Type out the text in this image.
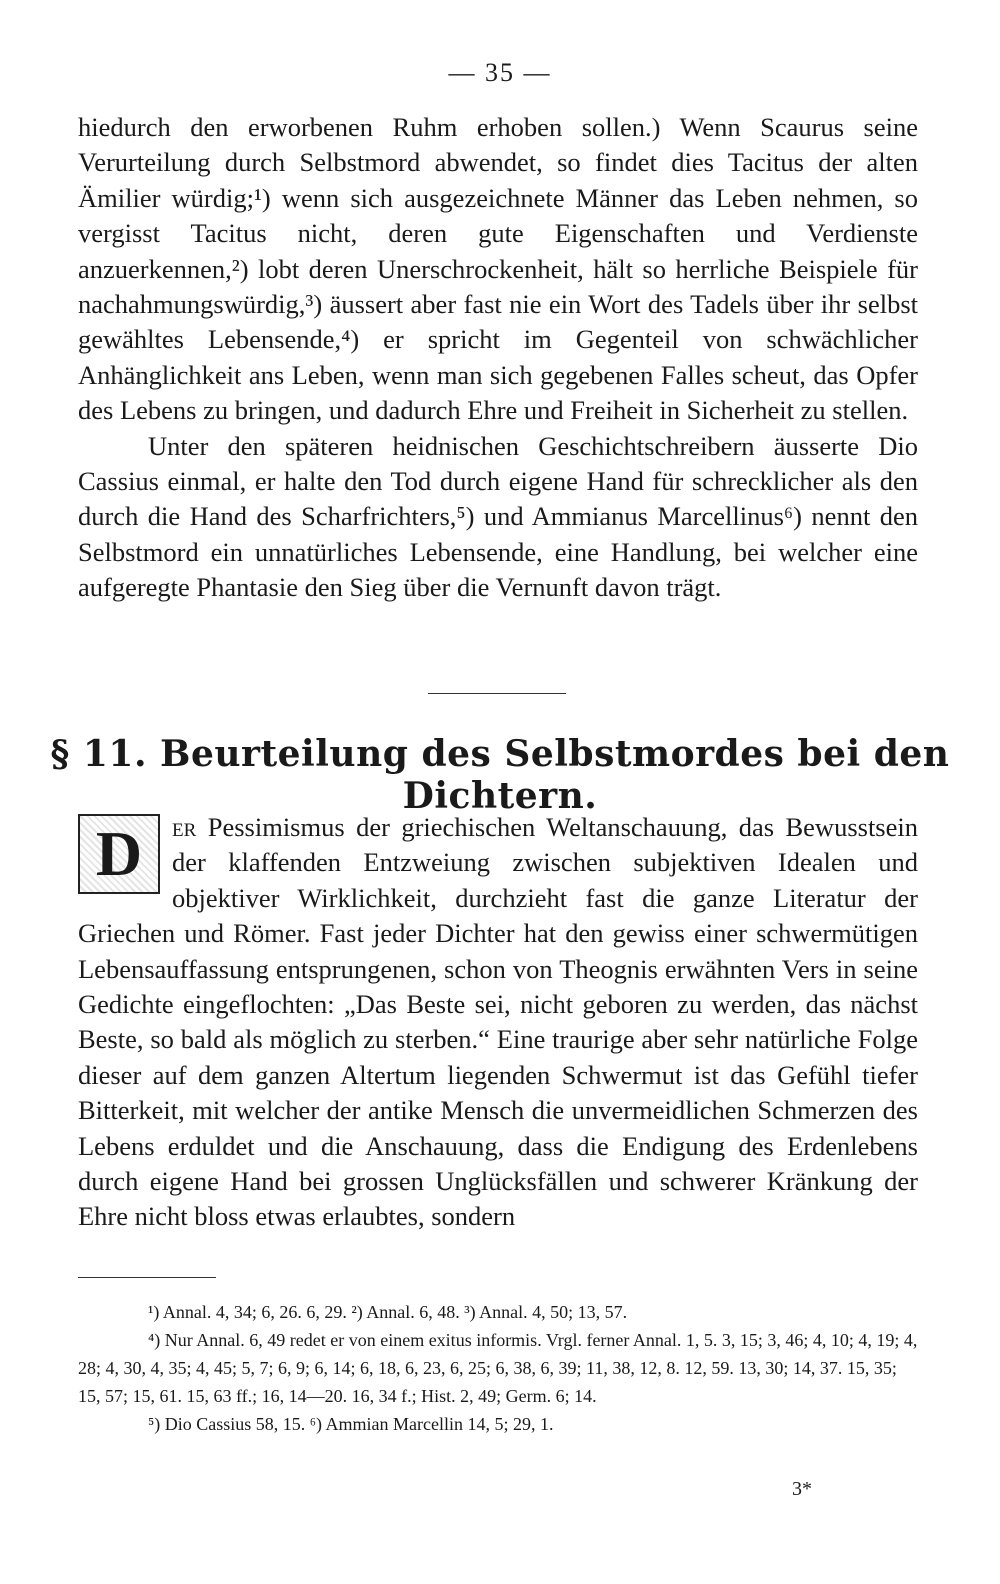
— 35 —

hiedurch den erworbenen Ruhm erhoben sollen.) Wenn Scaurus seine Verurteilung durch Selbstmord abwendet, so findet dies Tacitus der alten Ämilier würdig;¹) wenn sich ausgezeichnete Männer das Leben nehmen, so vergisst Tacitus nicht, deren gute Eigenschaften und Verdienste anzuerkennen,²) lobt deren Unerschrockenheit, hält so herrliche Beispiele für nachahmungswürdig,³) äussert aber fast nie ein Wort des Tadels über ihr selbst gewähltes Lebensende,⁴) er spricht im Gegenteil von schwächlicher Anhänglichkeit ans Leben, wenn man sich gegebenen Falles scheut, das Opfer des Lebens zu bringen, und dadurch Ehre und Freiheit in Sicherheit zu stellen.

Unter den späteren heidnischen Geschichtschreibern äusserte Dio Cassius einmal, er halte den Tod durch eigene Hand für schrecklicher als den durch die Hand des Scharfrichters,⁵) und Ammianus Marcellinus⁶) nennt den Selbstmord ein unnatürliches Lebensende, eine Handlung, bei welcher eine aufgeregte Phantasie den Sieg über die Vernunft davon trägt.

§ 11. Beurteilung des Selbstmordes bei den Dichtern.
D	er Pessimismus der griechischen Weltanschauung, das Bewusstsein der klaffenden Entzweiung zwischen subjektiven Idealen und objektiver Wirklichkeit, durchzieht fast die ganze Literatur der Griechen und Römer. Fast jeder Dichter hat den gewiss einer schwermütigen Lebensauffassung entsprungenen, schon von Theognis erwähnten Vers in seine Gedichte eingeflochten: „Das Beste sei, nicht geboren zu werden, das nächst Beste, so bald als möglich zu sterben.“ Eine traurige aber sehr natürliche Folge dieser auf dem ganzen Altertum liegenden Schwermut ist das Gefühl tiefer Bitterkeit, mit welcher der antike Mensch die unvermeidlichen Schmerzen des Lebens erduldet und die Anschauung, dass die Endigung des Erdenlebens durch eigene Hand bei grossen Unglücksfällen und schwerer Kränkung der Ehre nicht bloss etwas erlaubtes, sondern

¹) Annal. 4, 34; 6, 26. 6, 29. ²) Annal. 6, 48. ³) Annal. 4, 50; 13, 57.

⁴) Nur Annal. 6, 49 redet er von einem exitus informis. Vrgl. ferner Annal. 1, 5. 3, 15; 3, 46; 4, 10; 4, 19; 4, 28; 4, 30, 4, 35; 4, 45; 5, 7; 6, 9; 6, 14; 6, 18, 6, 23, 6, 25; 6, 38, 6, 39; 11, 38, 12, 8. 12, 59. 13, 30; 14, 37. 15, 35; 15, 57; 15, 61. 15, 63 ff.; 16, 14—20. 16, 34 f.; Hist. 2, 49; Germ. 6; 14.

⁵) Dio Cassius 58, 15. ⁶) Ammian Marcellin 14, 5; 29, 1.

3*
